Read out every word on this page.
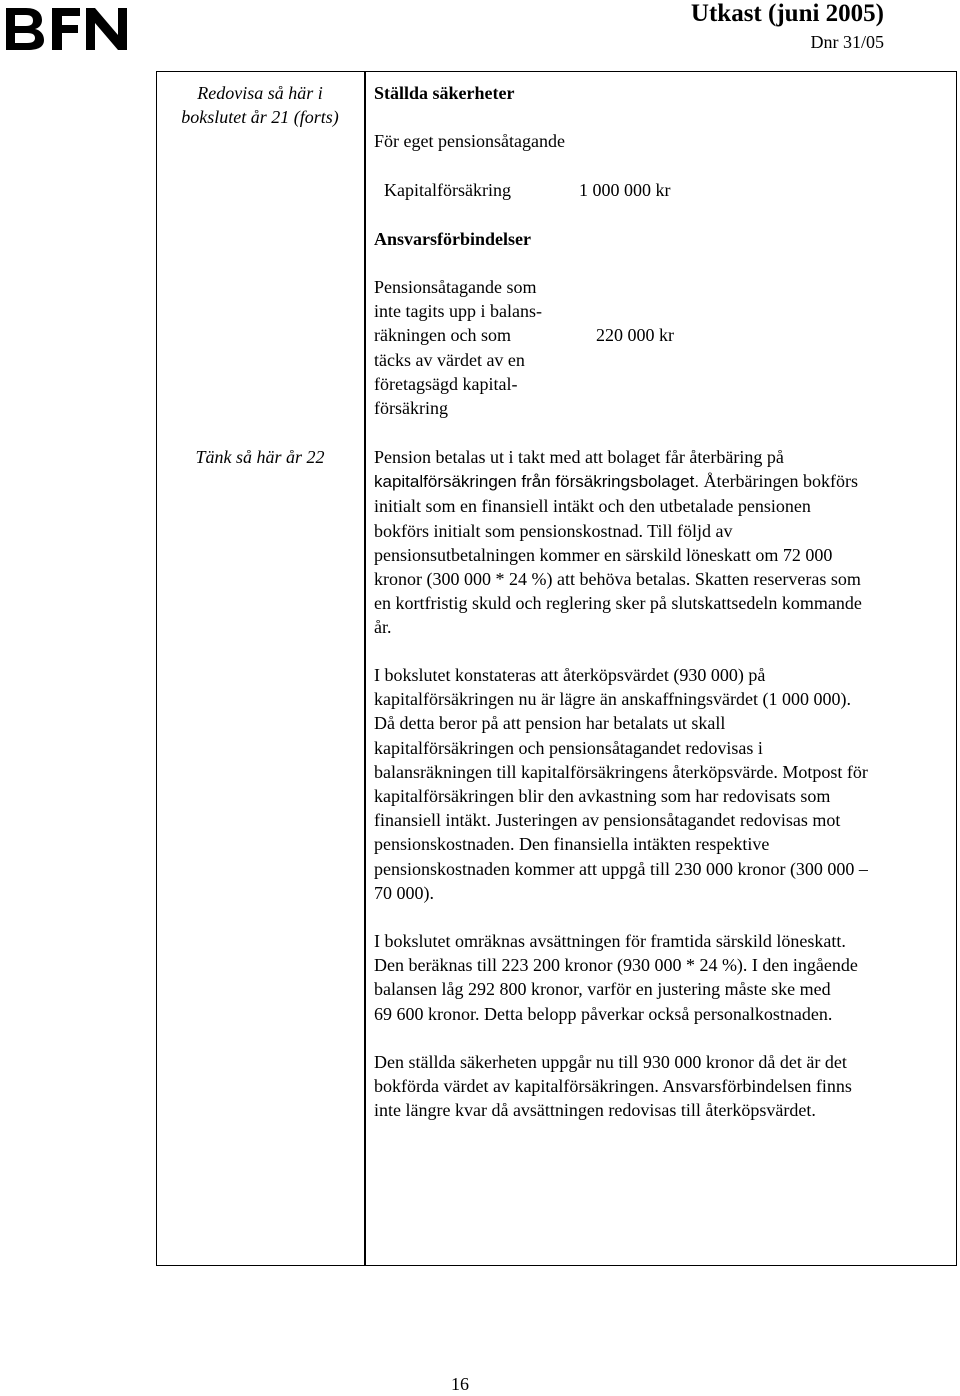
Utkast (juni 2005)
Dnr 31/05
Redovisa så här i
bokslutet år 21 (forts)
Tänk så här år 22
Ställda säkerheter
För eget pensionsåtagande
Kapitalförsäkring	1 000 000 kr
Ansvarsförbindelser
Pensionsåtagande som
inte tagits upp i balans-
räkningen och som
täcks av värdet av en
företagsägd kapital-
försäkring
220 000 kr
Pension betalas ut i takt med att bolaget får återbäring på
kapitalförsäkringen från försäkringsbolaget. Återbäringen bokförs
initialt som en finansiell intäkt och den utbetalade pensionen
bokförs initialt som pensionskostnad. Till följd av
pensionsutbetalningen kommer en särskild löneskatt om 72 000
kronor (300 000 * 24 %) att behöva betalas. Skatten reserveras som
en kortfristig skuld och reglering sker på slutskattsedeln kommande
år.
I bokslutet konstateras att återköpsvärdet (930 000) på
kapitalförsäkringen nu är lägre än anskaffningsvärdet (1 000 000).
Då detta beror på att pension har betalats ut skall
kapitalförsäkringen och pensionsåtagandet redovisas i
balansräkningen till kapitalförsäkringens återköpsvärde. Motpost för
kapitalförsäkringen blir den avkastning som har redovisats som
finansiell intäkt. Justeringen av pensionsåtagandet redovisas mot
pensionskostnaden. Den finansiella intäkten respektive
pensionskostnaden kommer att uppgå till 230 000 kronor (300 000 –
70 000).
I bokslutet omräknas avsättningen för framtida särskild löneskatt.
Den beräknas till 223 200 kronor (930 000 * 24 %). I den ingående
balansen låg 292 800 kronor, varför en justering måste ske med
69 600 kronor. Detta belopp påverkar också personalkostnaden.
Den ställda säkerheten uppgår nu till 930 000 kronor då det är det
bokförda värdet av kapitalförsäkringen. Ansvarsförbindelsen finns
inte längre kvar då avsättningen redovisas till återköpsvärdet.
16
